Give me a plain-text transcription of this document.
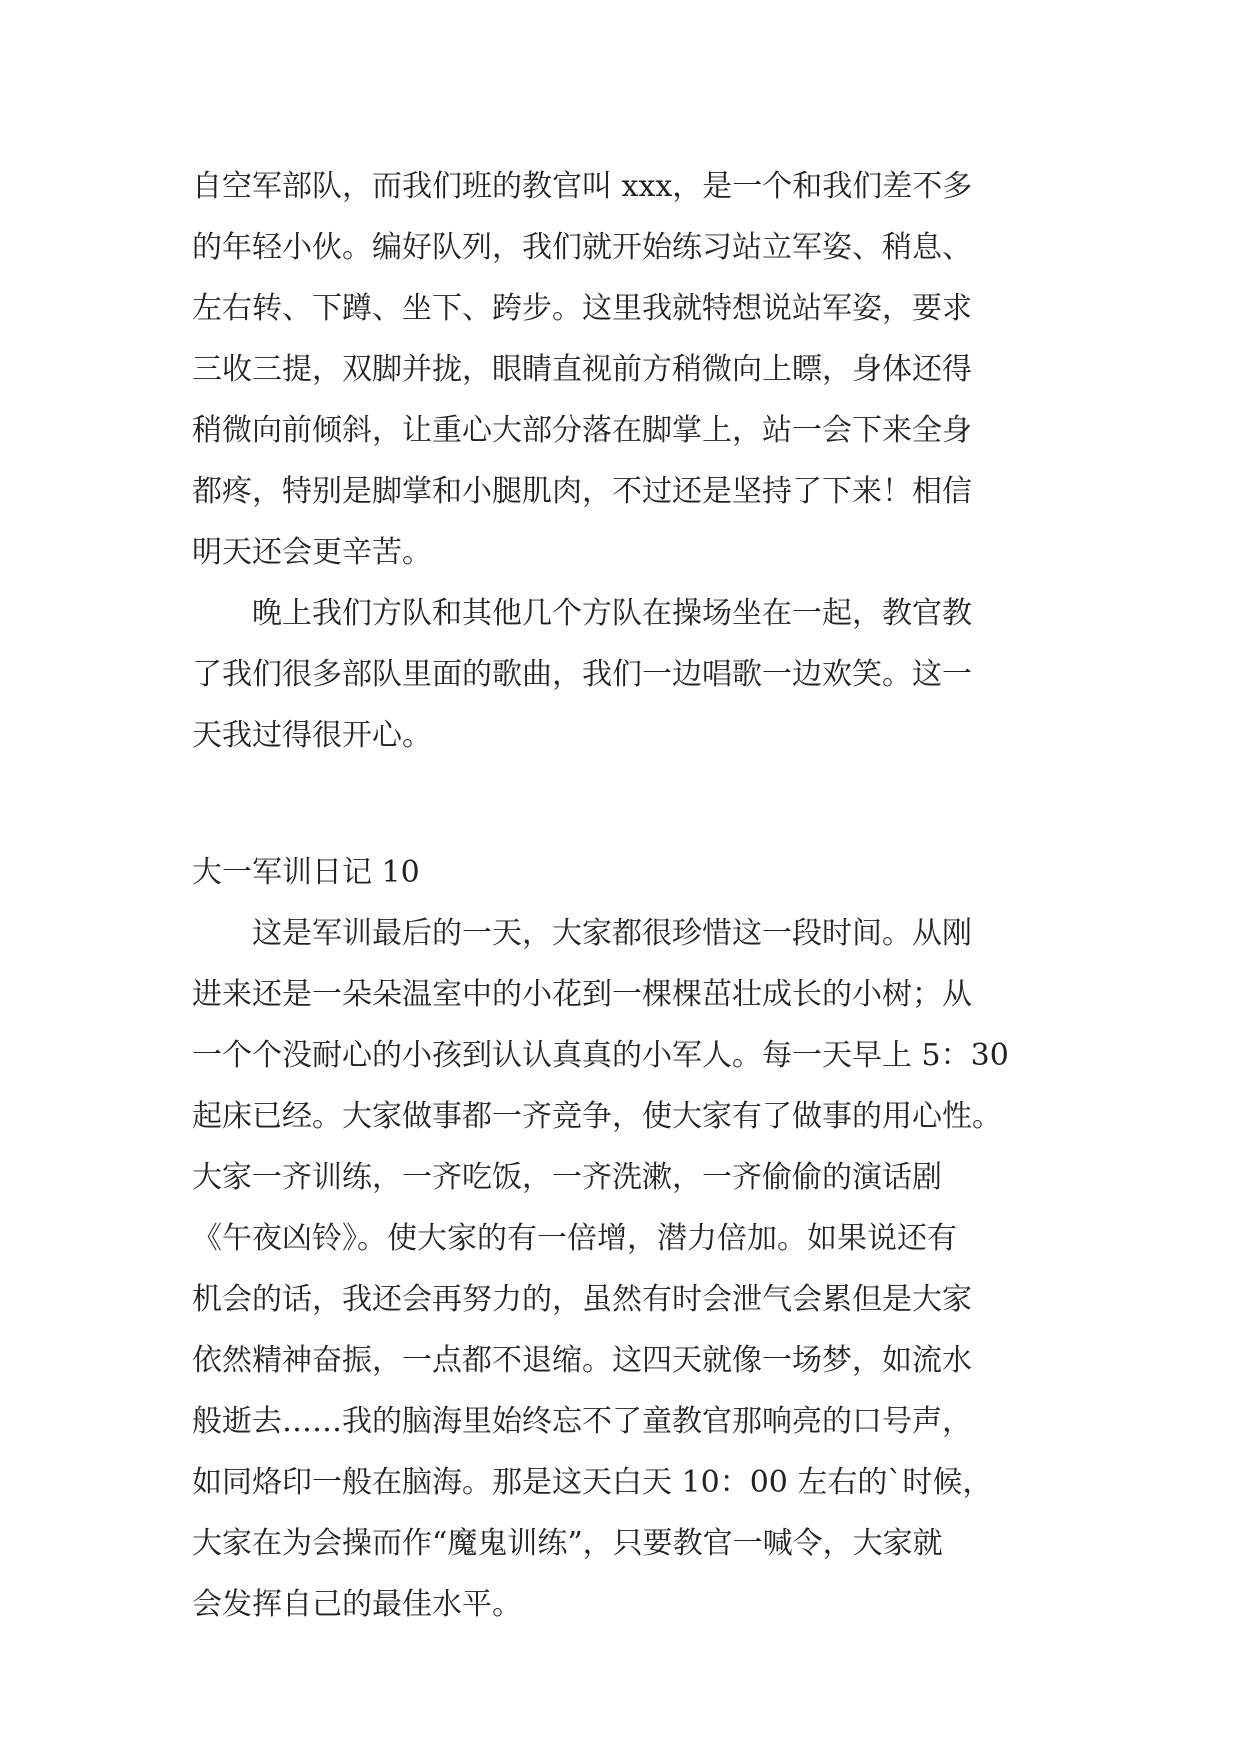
自空军部队，而我们班的教官叫 xxx，是一个和我们差不多
的年轻小伙。编好队列，我们就开始练习站立军姿、稍息、
左右转、下蹲、坐下、跨步。这里我就特想说站军姿，要求
三收三提，双脚并拢，眼睛直视前方稍微向上瞟，身体还得
稍微向前倾斜，让重心大部分落在脚掌上，站一会下来全身
都疼，特别是脚掌和小腿肌肉，不过还是坚持了下来！相信
明天还会更辛苦。
　　晚上我们方队和其他几个方队在操场坐在一起，教官教
了我们很多部队里面的歌曲，我们一边唱歌一边欢笑。这一
天我过得很开心。
大一军训日记 10
　　这是军训最后的一天，大家都很珍惜这一段时间。从刚
进来还是一朵朵温室中的小花到一棵棵茁壮成长的小树；从
一个个没耐心的小孩到认认真真的小军人。每一天早上 5：30
起床已经。大家做事都一齐竞争，使大家有了做事的用心性。
大家一齐训练，一齐吃饭，一齐洗漱，一齐偷偷的演话剧
《午夜凶铃》。使大家的有一倍增，潜力倍加。如果说还有
机会的话，我还会再努力的，虽然有时会泄气会累但是大家
依然精神奋振，一点都不退缩。这四天就像一场梦，如流水
般逝去……我的脑海里始终忘不了童教官那响亮的口号声，
如同烙印一般在脑海。那是这天白天 10：00 左右的`时候，
大家在为会操而作“魔鬼训练”，只要教官一喊令，大家就
会发挥自己的最佳水平。
